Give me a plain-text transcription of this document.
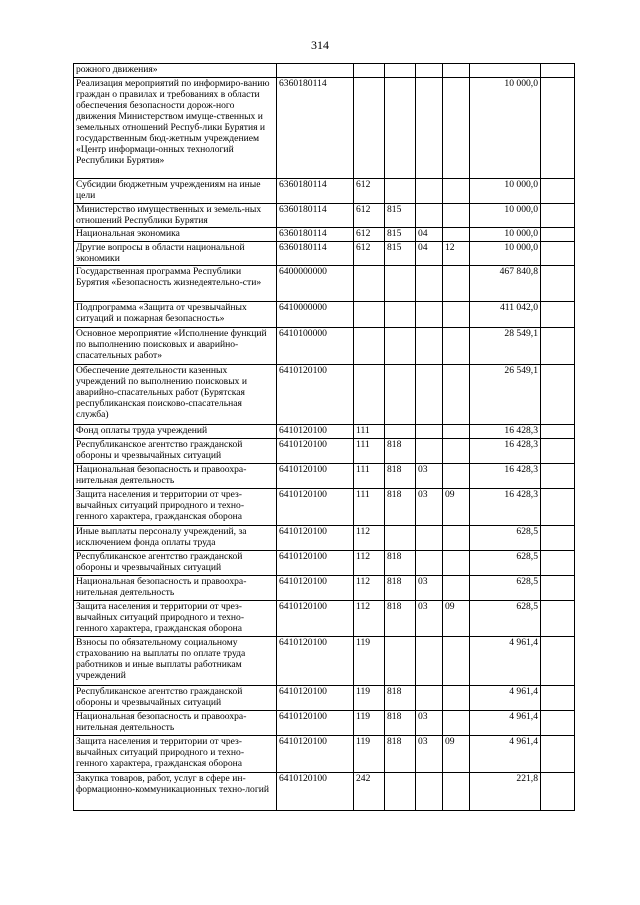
314
рожного движения»							
Реализация мероприятий по информиро-ванию граждан о правилах и требованиях в области обеспечения безопасности дорож-ного движения Министерством имуще-ственных и земельных отношений Респуб-лики Бурятия и государственным бюд-жетным учреждением «Центр информаци-онных технологий Республики Бурятия»	6360180114					10 000,0	
Субсидии бюджетным учреждениям на иные цели	6360180114	612				10 000,0	
Министерство имущественных и земель-ных отношений Республики Бурятия	6360180114	612	815			10 000,0	
Национальная экономика	6360180114	612	815	04		10 000,0	
Другие вопросы в области национальной экономики	6360180114	612	815	04	12	10 000,0	
Государственная программа Республики Бурятия «Безопасность жизнедеятельно-сти»	6400000000					467 840,8	
Подпрограмма «Защита от чрезвычайных ситуаций и пожарная безопасность»	6410000000					411 042,0	
Основное мероприятие «Исполнение функций по выполнению поисковых и аварийно-спасательных работ»	6410100000					28 549,1	
Обеспечение деятельности казенных учреждений по выполнению поисковых и аварийно-спасательных работ (Бурятская республиканская поисково-спасательная служба)	6410120100					26 549,1	
Фонд оплаты труда учреждений	6410120100	111				16 428,3	
Республиканское агентство гражданской обороны и чрезвычайных ситуаций	6410120100	111	818			16 428,3	
Национальная безопасность и правоохра-нительная деятельность	6410120100	111	818	03		16 428,3	
Защита населения и территории от чрез-вычайных ситуаций природного и техно-генного характера, гражданская оборона	6410120100	111	818	03	09	16 428,3	
Иные выплаты персоналу учреждений, за исключением фонда оплаты труда	6410120100	112				628,5	
Республиканское агентство гражданской обороны и чрезвычайных ситуаций	6410120100	112	818			628,5	
Национальная безопасность и правоохра-нительная деятельность	6410120100	112	818	03		628,5	
Защита населения и территории от чрез-вычайных ситуаций природного и техно-генного характера, гражданская оборона	6410120100	112	818	03	09	628,5	
Взносы по обязательному социальному страхованию на выплаты по оплате труда работников и иные выплаты работникам учреждений	6410120100	119				4 961,4	
Республиканское агентство гражданской обороны и чрезвычайных ситуаций	6410120100	119	818			4 961,4	
Национальная безопасность и правоохра-нительная деятельность	6410120100	119	818	03		4 961,4	
Защита населения и территории от чрез-вычайных ситуаций природного и техно-генного характера, гражданская оборона	6410120100	119	818	03	09	4 961,4	
Закупка товаров, работ, услуг в сфере ин-формационно-коммуникационных техно-логий	6410120100	242				221,8	
